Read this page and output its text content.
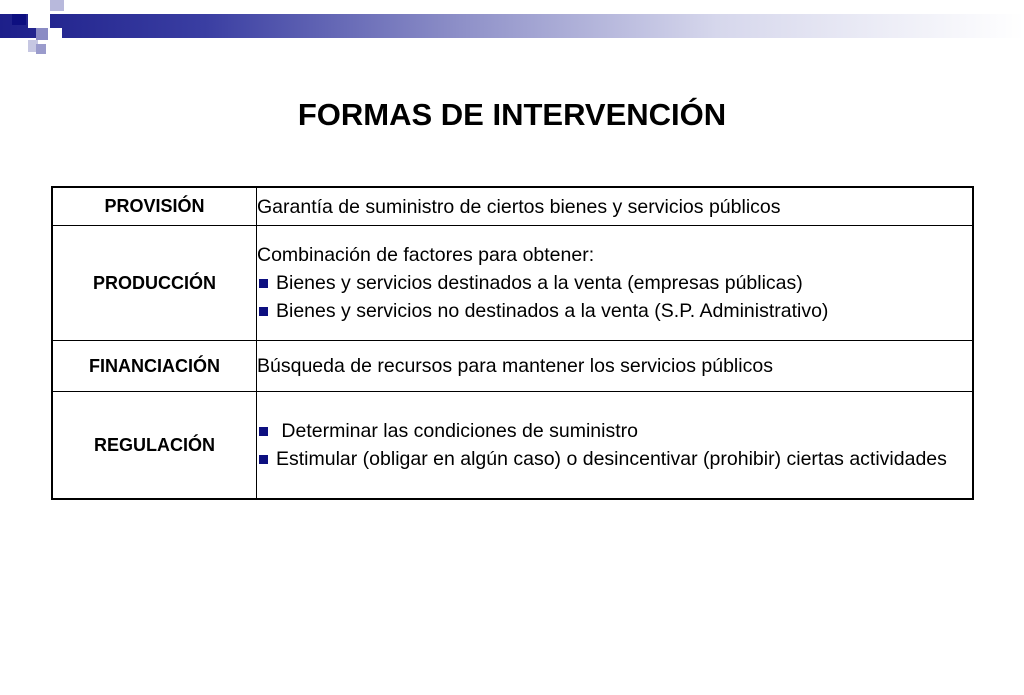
FORMAS DE INTERVENCIÓN
PROVISIÓN	Garantía de suministro de ciertos bienes y servicios públicos

PRODUCCIÓN	Combinación de factores para obtener:
Bienes y servicios destinados a la venta (empresas públicas)
Bienes y servicios no destinados a la venta (S.P. Administrativo)

FINANCIACIÓN	Búsqueda de recursos para mantener los servicios públicos

REGULACIÓN	Determinar las condiciones de suministro
Estimular (obligar en algún caso) o desincentivar (prohibir) ciertas actividades
